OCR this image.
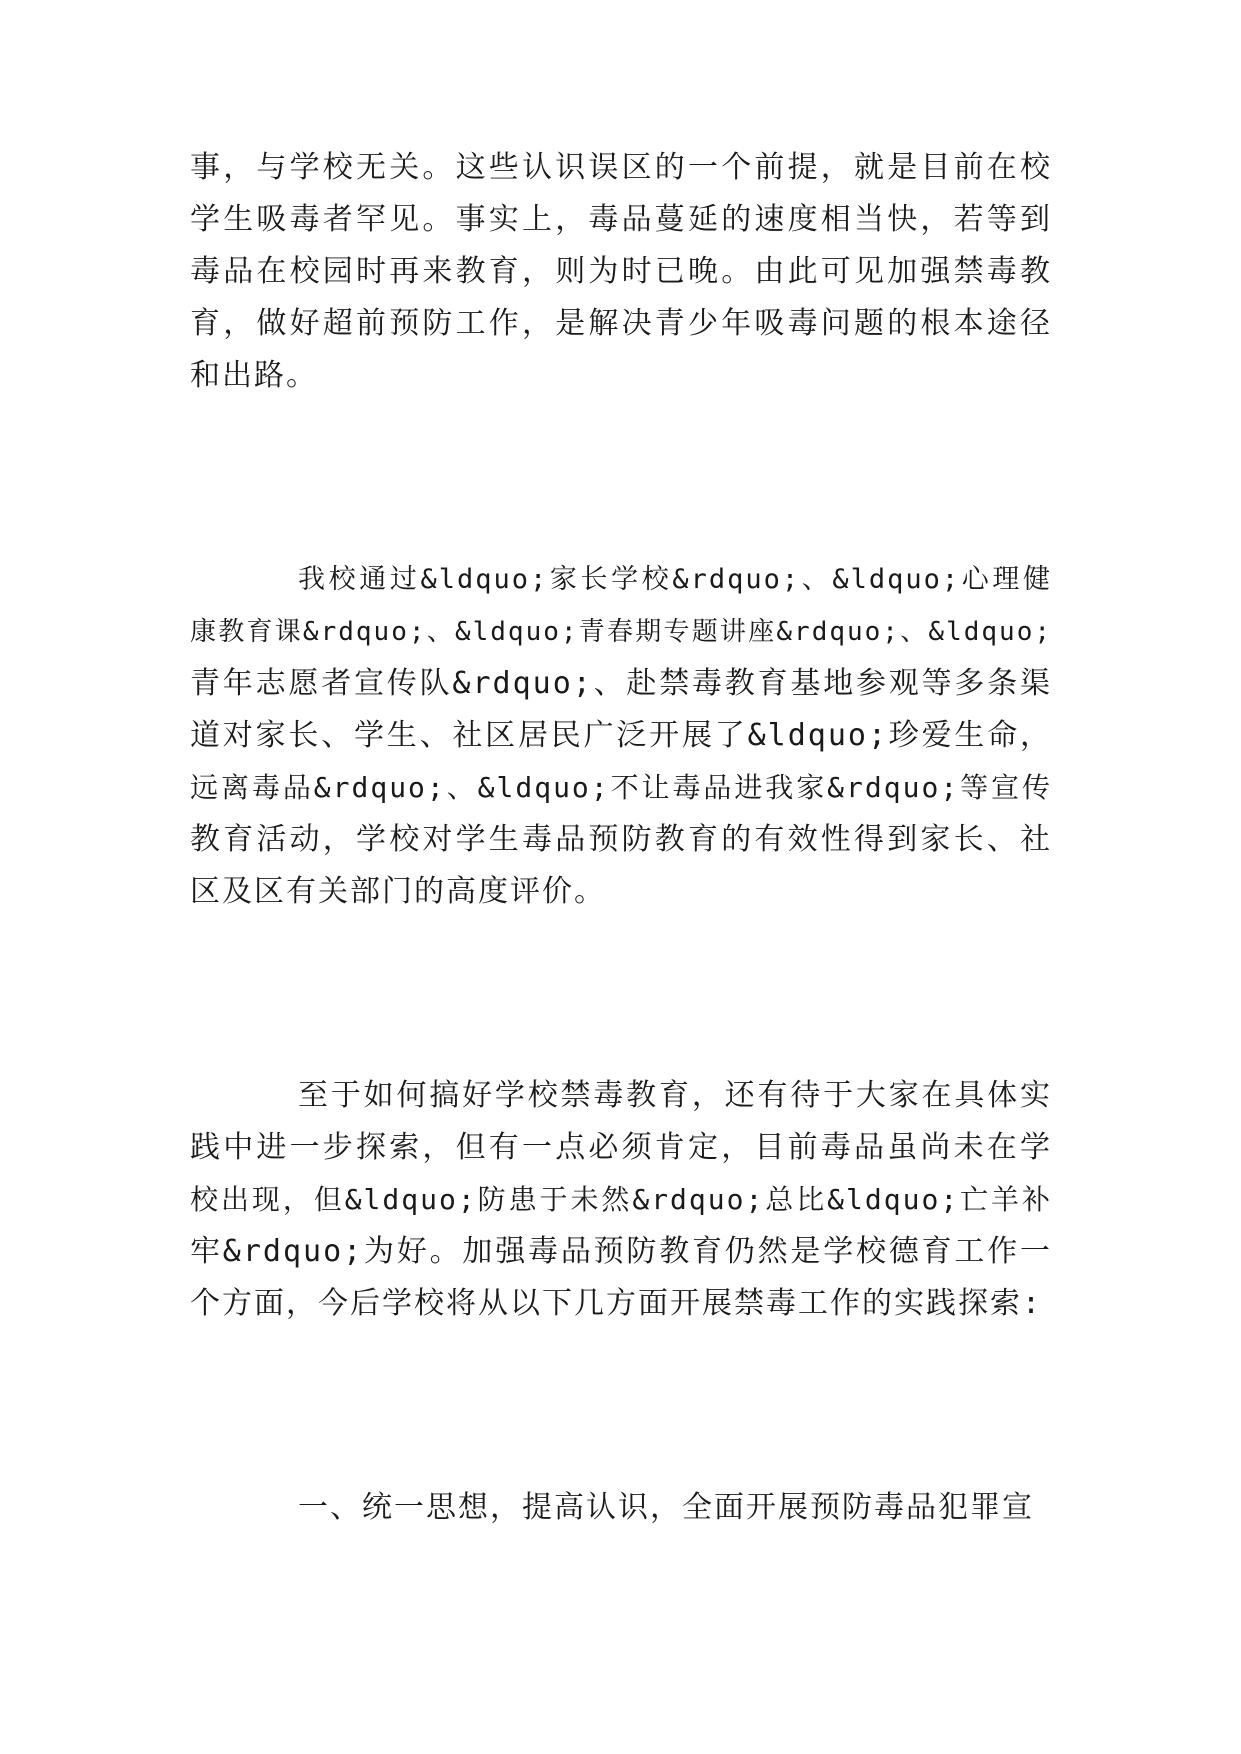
事，与学校无关。这些认识误区的一个前提，就是目前在校
学生吸毒者罕见。事实上，毒品蔓延的速度相当快，若等到
毒品在校园时再来教育，则为时已晚。由此可见加强禁毒教
育，做好超前预防工作，是解决青少年吸毒问题的根本途径
和出路。
我校通过&ldquo;家长学校&rdquo;、&ldquo;心理健
康教育课&rdquo;、&ldquo;青春期专题讲座&rdquo;、&ldquo;
青年志愿者宣传队&rdquo;、赴禁毒教育基地参观等多条渠
道对家长、学生、社区居民广泛开展了&ldquo;珍爱生命，
远离毒品&rdquo;、&ldquo;不让毒品进我家&rdquo;等宣传
教育活动，学校对学生毒品预防教育的有效性得到家长、社
区及区有关部门的高度评价。
至于如何搞好学校禁毒教育，还有待于大家在具体实
践中进一步探索，但有一点必须肯定，目前毒品虽尚未在学
校出现，但&ldquo;防患于未然&rdquo;总比&ldquo;亡羊补
牢&rdquo;为好。加强毒品预防教育仍然是学校德育工作一
个方面，今后学校将从以下几方面开展禁毒工作的实践探索:
一、统一思想，提高认识，全面开展预防毒品犯罪宣
